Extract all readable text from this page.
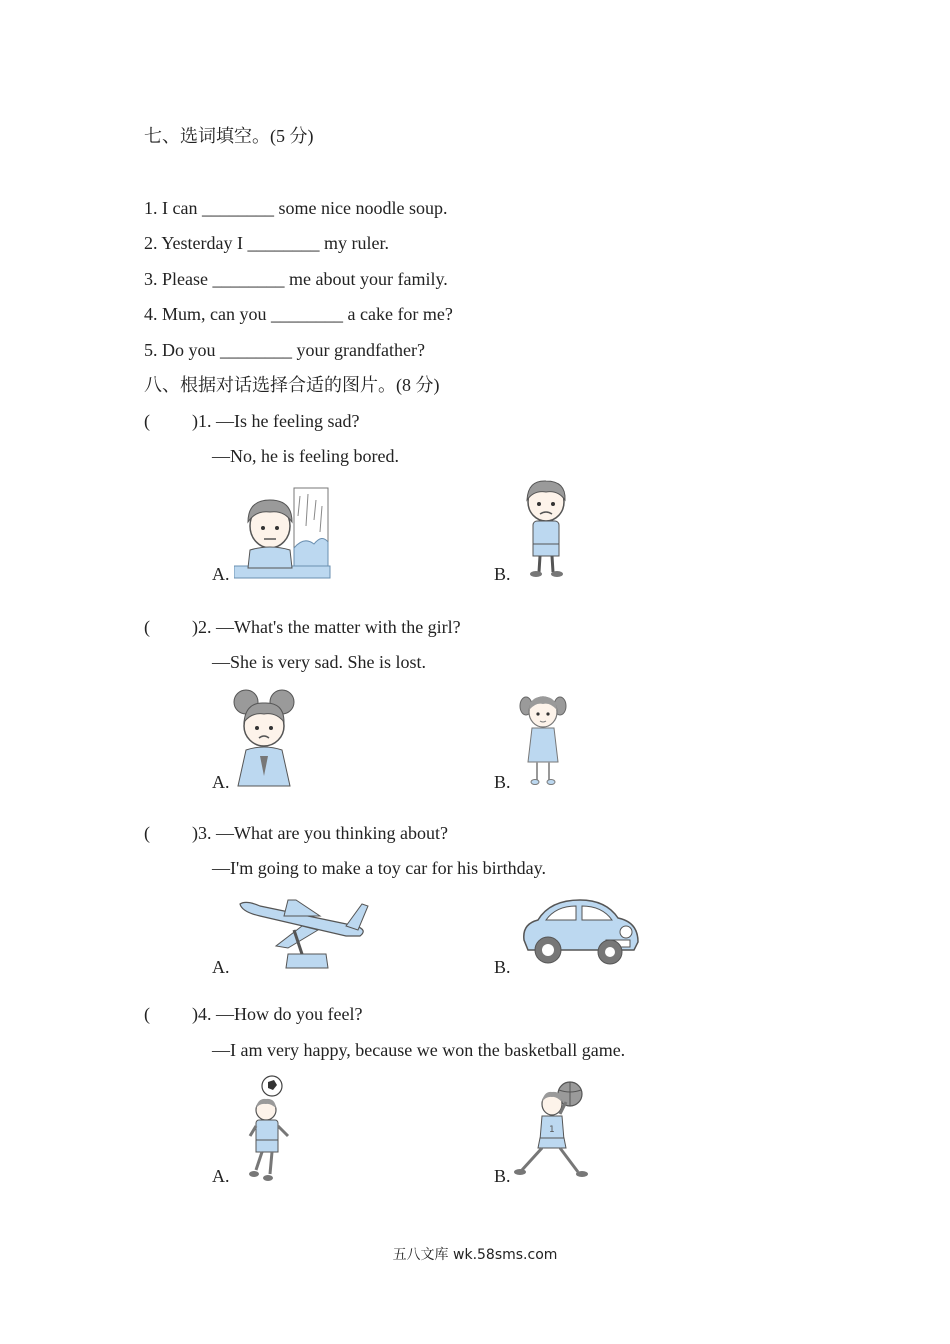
七、选词填空。(5 分)
1. I can ________ some nice noodle soup.
2. Yesterday I ________ my ruler.
3. Please ________ me about your family.
4. Mum, can you ________ a cake for me?
5. Do you ________ your grandfather?
八、根据对话选择合适的图片。(8 分)
( )1. —Is he feeling sad?
—No, he is feeling bored.
A.	B.
( )2. —What's the matter with the girl?
—She is very sad. She is lost.
A.	B.
( )3. —What are you thinking about?
—I'm going to make a toy car for his birthday.
A.	B.
( )4. —How do you feel?
—I am very happy, because we won the basketball game.
A.	B.
1
五八文库 wk.58sms.com
